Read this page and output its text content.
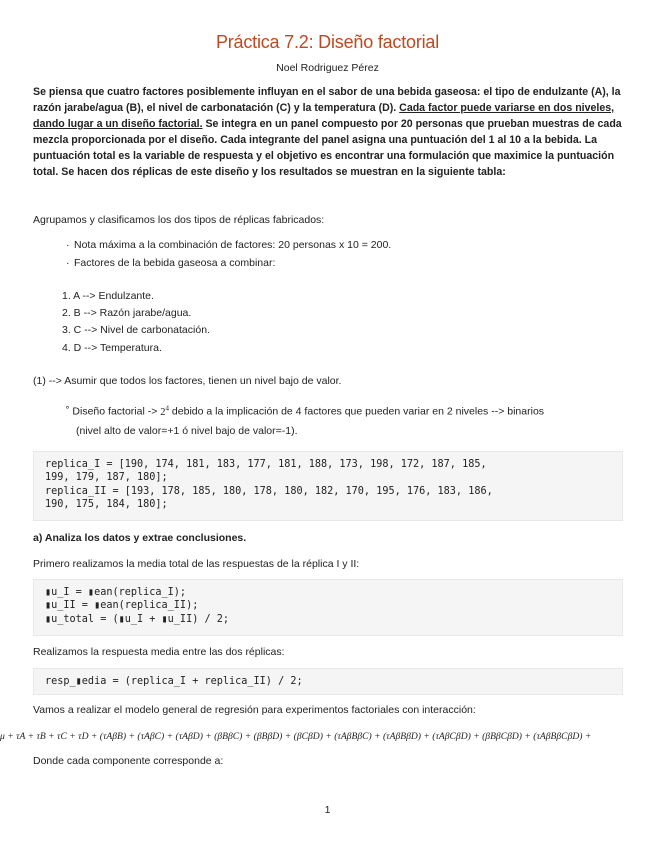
Práctica 7.2: Diseño factorial
Noel Rodriguez Pérez
Se piensa que cuatro factores posiblemente influyan en el sabor de una bebida gaseosa: el tipo de endulzante (A), la razón jarabe/agua (B), el nivel de carbonatación (C) y la temperatura (D). Cada factor puede variarse en dos niveles, dando lugar a un diseño factorial. Se integra en un panel compuesto por 20 personas que prueban muestras de cada mezcla proporcionada por el diseño. Cada integrante del panel asigna una puntuación del 1 al 10 a la bebida. La puntuación total es la variable de respuesta y el objetivo es encontrar una formulación que maximice la puntuación total. Se hacen dos réplicas de este diseño y los resultados se muestran en la siguiente tabla:
Agrupamos y clasificamos los dos tipos de réplicas fabricados:
· Nota máxima a la combinación de factores: 20 personas x 10 = 200.
· Factores de la bebida gaseosa a combinar:
1. A --> Endulzante.
2. B --> Razón jarabe/agua.
3. C --> Nivel de carbonatación.
4. D --> Temperatura.
(1) --> Asumir que todos los factores, tienen un nivel bajo de valor.
˚ Diseño factorial -> $2^4$ debido a la implicación de 4 factores que pueden variar en 2 niveles --> binarios
(nivel alto de valor=+1 ó nivel bajo de valor=-1).
replica_I = [190, 174, 181, 183, 177, 181, 188, 173, 198, 172, 187, 185,
199, 179, 187, 180];
replica_II = [193, 178, 185, 180, 178, 180, 182, 170, 195, 176, 183, 186,
190, 175, 184, 180];
a) Analiza los datos y extrae conclusiones.
Primero realizamos la media total de las respuestas de la réplica I y II:
▮u_I = ▮ean(replica_I);
▮u_II = ▮ean(replica_II);
▮u_total = (▮u_I + ▮u_II) / 2;
Realizamos la respuesta media entre las dos réplicas:
resp_▮edia = (replica_I + replica_II) / 2;
Vamos a realizar el modelo general de regresión para experimentos factoriales con interacción:
μ + τA + τB + τC + τD + (τAβB) + (τAβC) + (τAβD) + (βBβC) + (βBβD) + (βCβD) + (τAβBβC) + (τAβBβD) + (τAβCβD) + (βBβCβD) + (τAβBβCβD) +
Donde cada componente corresponde a:
1
